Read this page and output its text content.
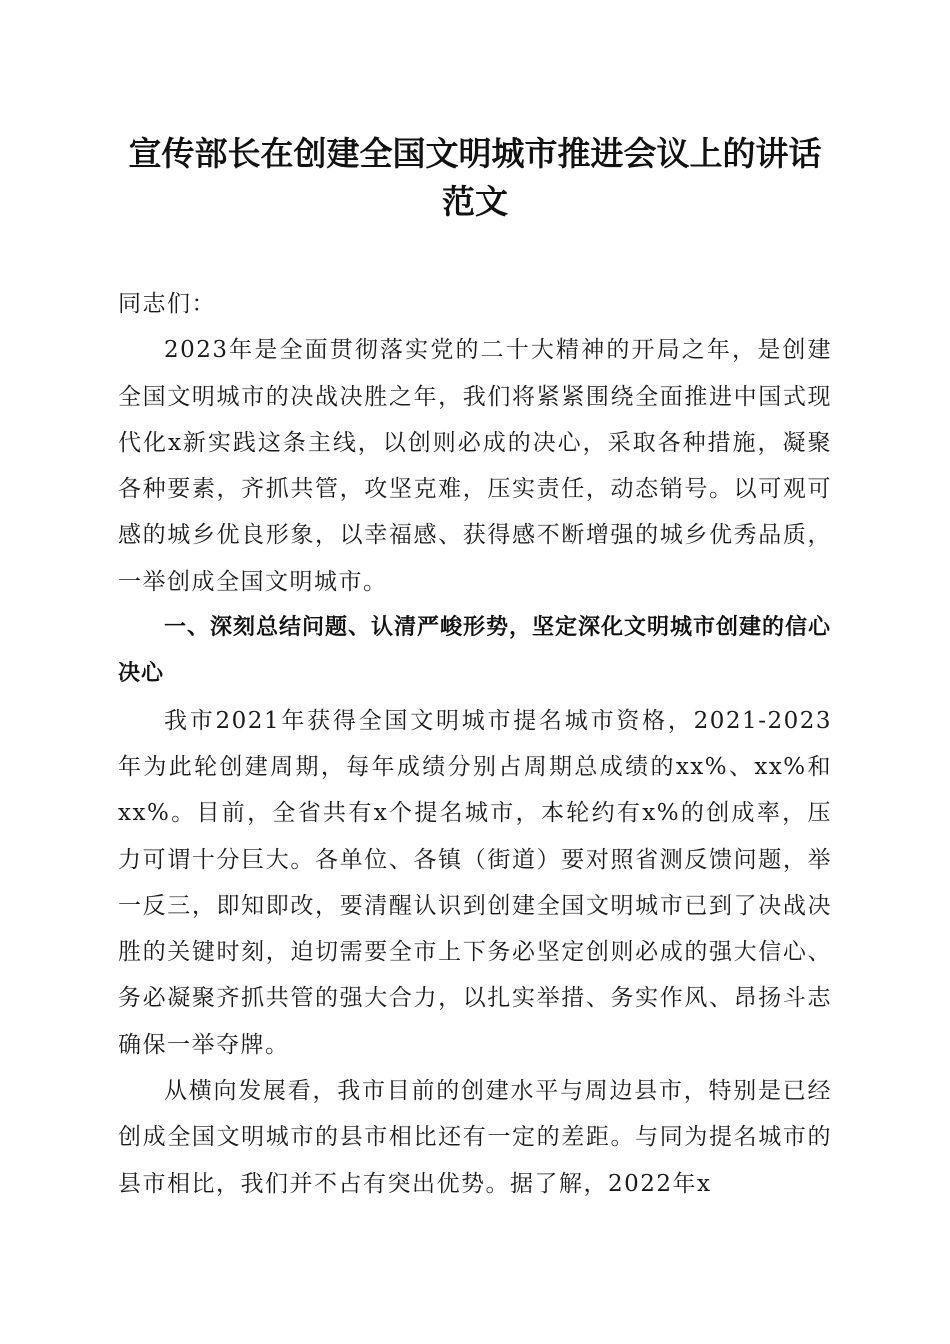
宣传部长在创建全国文明城市推进会议上的讲话范文

同志们：

2023年是全面贯彻落实党的二十大精神的开局之年，是创建全国文明城市的决战决胜之年，我们将紧紧围绕全面推进中国式现代化x新实践这条主线，以创则必成的决心，采取各种措施，凝聚各种要素，齐抓共管，攻坚克难，压实责任，动态销号。以可观可感的城乡优良形象，以幸福感、获得感不断增强的城乡优秀品质，一举创成全国文明城市。

一、深刻总结问题、认清严峻形势，坚定深化文明城市创建的信心决心

我市2021年获得全国文明城市提名城市资格，2021-2023年为此轮创建周期，每年成绩分别占周期总成绩的xx%、xx%和xx%。目前，全省共有x个提名城市，本轮约有x%的创成率，压力可谓十分巨大。各单位、各镇（街道）要对照省测反馈问题，举一反三，即知即改，要清醒认识到创建全国文明城市已到了决战决胜的关键时刻，迫切需要全市上下务必坚定创则必成的强大信心、务必凝聚齐抓共管的强大合力，以扎实举措、务实作风、昂扬斗志确保一举夺牌。

从横向发展看，我市目前的创建水平与周边县市，特别是已经创成全国文明城市的县市相比还有一定的差距。与同为提名城市的县市相比，我们并不占有突出优势。据了解，2022年x
